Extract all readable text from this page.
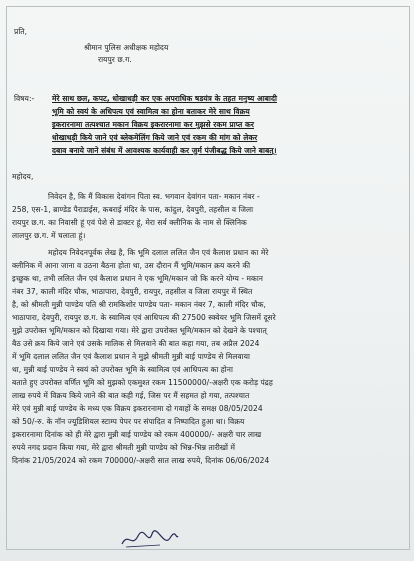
प्रति,
श्रीमान पुलिस अधीक्षक महोदय
रायपुर छ.ग.
विषय:- मेरे साथ छल, कपट, धोखाधड़ी कर एक अपराधिक षडयंत्र के तहत मनुष्य आबादी
भूमि को स्वयं के अधिपत्य एवं स्वामित्व का होना बताकर मेरे साथ विक्रय
इकरारनामा तत्पश्चात मकान विक्रय इकरारनामा कर मुझसे रकम प्राप्त कर
धोखाधड़ी किये जाने एवं ब्लेकमेलिंग किये जाने एवं रकम की मांग को लेकर
दबाव बनाये जाने संबंध में आवश्यक कार्यवाही कर जुर्म पंजीबद्ध किये जाने बाबत्।
महोदय,
निवेदन है, कि मैं विकास देवांगन पिता स्व. भगवान देवांगन पता- मकान नंबर -
258, एस-1, ब्राण्डेड पैराडाईस, कबराई मंदिर के पास, कांदुल, देवपुरी, तहसील व जिला
रायपुर छ.ग. का निवासी हूं एवं पेशे से डाक्टर हूं, मेरा सर्व क्लीनिक के नाम से क्लिनिक
लालपुर छ.ग. में चलाता हूं।
महोदय निवेदनपूर्वक लेख है, कि भूमि दलाल ललित जैन एवं कैलाश प्रधान का मेरे
क्लीनिक में आना जाना व उठना बैठना होता था, उस दौरान मैं भूमि/मकान क्रय करने की
इच्छुक था, तभी ललित जैन एवं कैलाश प्रधान ने एक भूमि/मकान जो कि करने योग्य - मकान
नंबर 37, काली मंदिर चौक, भाठापारा, देवपुरी, रायपुर, तहसील व जिला रायपुर में स्थित
है, को श्रीमती मुन्नी पाण्डेय पति श्री रामकिशोर पाण्डेय पता- मकान नंबर 7, काली मंदिर चौक,
भाठापारा, देवपुरी, रायपुर छ.ग. के स्वामित्व एवं आधिपत्य की 27500 स्क्वेयर भूमि जिसमें दूसरे
मुझे उपरोक्त भूमि/मकान को दिखाया गया। मेरे द्वारा उपरोक्त भूमि/मकान को देखने के पश्चात्
बैठ उसे क्रय किये जाने एवं उसके मालिक से मिलवाने की बात कहा गया, तब अप्रैल 2024
में भूमि दलाल ललित जैन एवं कैलाश प्रधान ने मुझे श्रीमती मुन्नी बाई पाण्डेय से मिलवाया
था, मुन्नी बाई पाण्डेय ने स्वयं को उपरोक्त भूमि के स्वामित्व एवं आधिपत्य का होना
बताते हुए उपरोक्त वर्णित भूमि को मुझको एकमुश्त रकम 11500000/-अक्षरी एक करोड़ पंद्रह
लाख रुपये में विक्रय किये जाने की बात कही गई, जिस पर मैं सहमत हो गया, तत्पश्चात
मेरे एवं मुन्नी बाई पाण्डेय के मध्य एक विक्रय इकरारनामा दो गवाहों के समक्ष 08/05/2024
को 50/-रु. के नॉन ज्यूडिशियल स्टाम्प पेपर पर संपादित व निष्पादित हुआ था। विक्रय
इकरारनामा दिनांक को ही मेरे द्वारा मुन्नी बाई पाण्डेय को रकम 400000/- अक्षरी चार लाख
रुपये नगद प्रदान किया गया, मेरे द्वारा श्रीमती मुन्नी पाण्डेय को भिन्न-भिन्न तारीखों में
दिनांक 21/05/2024 को रकम 700000/-अक्षरी सात लाख रुपये, दिनांक 06/06/2024
